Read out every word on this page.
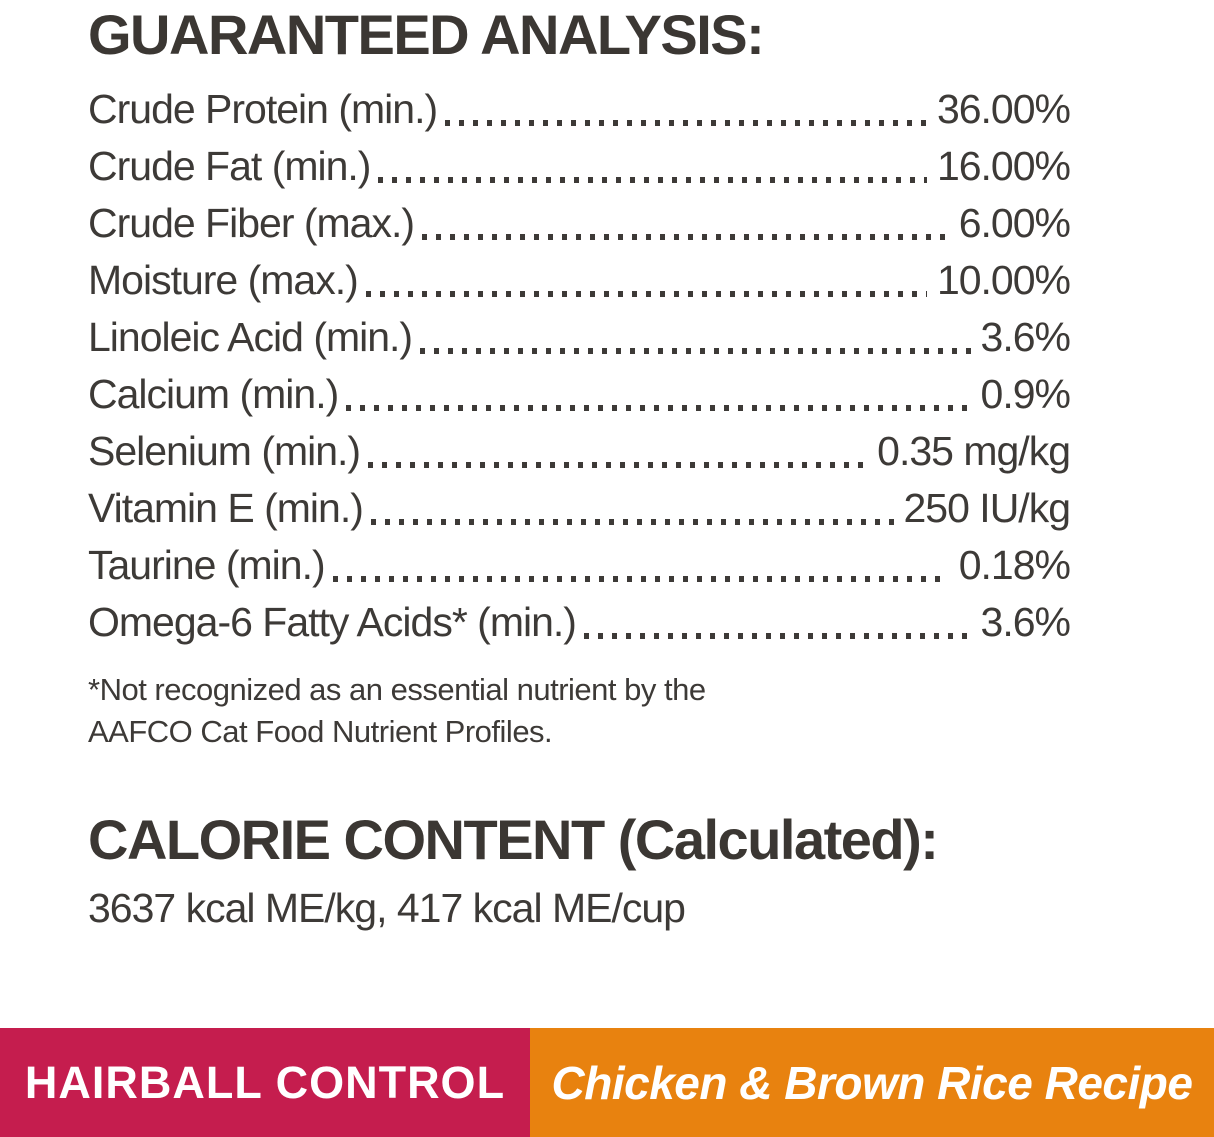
GUARANTEED ANALYSIS:
Crude Protein (min.)	36.00%
Crude Fat (min.)	16.00%
Crude Fiber (max.)	6.00%
Moisture (max.)	10.00%
Linoleic Acid (min.)	3.6%
Calcium (min.)	0.9%
Selenium (min.)	0.35 mg/kg
Vitamin E (min.)	250 IU/kg
Taurine (min.)	0.18%
Omega-6 Fatty Acids* (min.)	3.6%
*Not recognized as an essential nutrient by the
AAFCO Cat Food Nutrient Profiles.
CALORIE CONTENT (Calculated):
3637 kcal ME/kg, 417 kcal ME/cup
HAIRBALL CONTROL Chicken & Brown Rice Recipe
